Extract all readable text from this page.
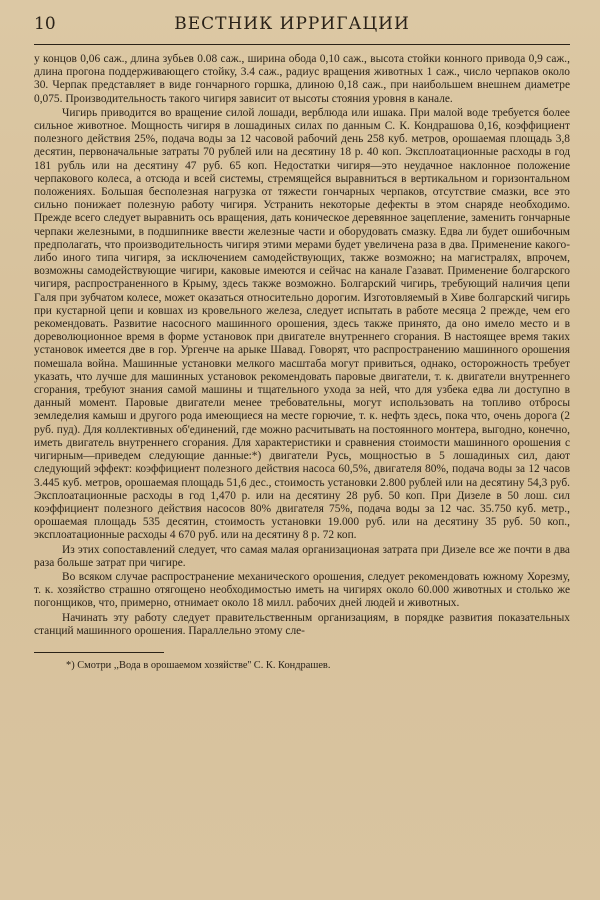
10	ВЕСТНИК ИРРИГАЦИИ

у концов 0,06 саж., длина зубьев 0.08 саж., ширина обода 0,10 саж., высота стойки конного привода 0,9 саж., длина прогона поддерживающего стойку, 3.4 саж., радиус вращения животных 1 саж., число черпаков около 30. Черпак представляет в виде гончарного горшка, длиною 0,18 саж., при наибольшем внешнем диаметре 0,075. Производительность такого чигиря зависит от высоты стояния уровня в канале.

Чигирь приводится во вращение силой лошади, верблюда или ишака. При малой воде требуется более сильное животное. Мощность чигиря в лошадиных силах по данным С. К. Кондрашова 0,16, коэффициент полезного действия 25%, подача воды за 12 часовой рабочий день 258 куб. метров, орошаемая площадь 3,8 десятин, первоначальные затраты 70 рублей или на десятину 18 р. 40 коп. Эксплоатационные расходы в год 181 рубль или на десятину 47 руб. 65 коп. Недостатки чигиря—это неудачное наклонное положение черпакового колеса, а отсюда и всей системы, стремящейся выравниться в вертикальном и горизонтальном положениях. Большая бесполезная нагрузка от тяжести гончарных черпаков, отсутствие смазки, все это сильно понижает полезную работу чигиря. Устранить некоторые дефекты в этом снаряде необходимо. Прежде всего следует выравнить ось вращения, дать коническое деревянное зацепление, заменить гончарные черпаки железными, в подшипнике ввести железные части и оборудовать смазку. Едва ли будет ошибочным предполагать, что производительность чигиря этими мерами будет увеличена раза в два. Применение какого-либо иного типа чигиря, за исключением самодействующих, также возможно; на магистралях, впрочем, возможны самодействующие чигири, каковые имеются и сейчас на канале Газават. Применение болгарского чигиря, распространенного в Крыму, здесь также возможно. Болгарский чигирь, требующий наличия цепи Галя при зубчатом колесе, может оказаться относительно дорогим. Изготовляемый в Хиве болгарский чигирь при кустарной цепи и ковшах из кровельного железа, следует испытать в работе месяца 2 прежде, чем его рекомендовать. Развитие насосного машинного орошения, здесь также принято, да оно имело место и в дореволюционное время в форме установок при двигателе внутреннего сгорания. В настоящее время таких установок имеется две в гор. Ургенче на арыке Шавад. Говорят, что распространению машинного орошения помешала война. Машинные установки мелкого масштаба могут привиться, однако, осторожность требует указать, что лучше для машинных установок рекомендовать паровые двигатели, т. к. двигатели внутреннего сгорания, требуют знания самой машины и тщательного ухода за ней, что для узбека едва ли доступно в данный момент. Паровые двигатели менее требовательны, могут использовать на топливо отбросы земледелия камыш и другого рода имеющиеся на месте горючие, т. к. нефть здесь, пока что, очень дорога (2 руб. пуд). Для коллективных об'единений, где можно расчитывать на постоянного монтера, выгодно, конечно, иметь двигатель внутреннего сгорания. Для характеристики и сравнения стоимости машинного орошения с чигирным—приведем следующие данные:*) двигатели Русь, мощностью в 5 лошадиных сил, дают следующий эффект: коэффициент полезного действия насоса 60,5%, двигателя 80%, подача воды за 12 часов 3.445 куб. метров, орошаемая площадь 51,6 дес., стоимость установки 2.800 рублей или на десятину 54,3 руб. Эксплоатационные расходы в год 1,470 р. или на десятину 28 руб. 50 коп. При Дизеле в 50 лош. сил коэффициент полезного действия насосов 80% двигателя 75%, подача воды за 12 час. 35.750 куб. метр., орошаемая площадь 535 десятин, стоимость установки 19.000 руб. или на десятину 35 руб. 50 коп., эксплоатационные расходы 4 670 руб. или на десятину 8 р. 72 коп.

Из этих сопоставлений следует, что самая малая организационая затрата при Дизеле все же почти в два раза больше затрат при чигире.

Во всяком случае распространение механического орошения, следует рекомендовать южному Хорезму, т. к. хозяйство страшно отягощено необходимостью иметь на чигирях около 60.000 животных и столько же погонщиков, что, примерно, отнимает около 18 милл. рабочих дней людей и животных.

Начинать эту работу следует правительственным организациям, в порядке развития показательных станций машинного орошения. Параллельно этому сле-

*) Смотри ,,Вода в орошаемом хозяйстве'' С. К. Кондрашев.
